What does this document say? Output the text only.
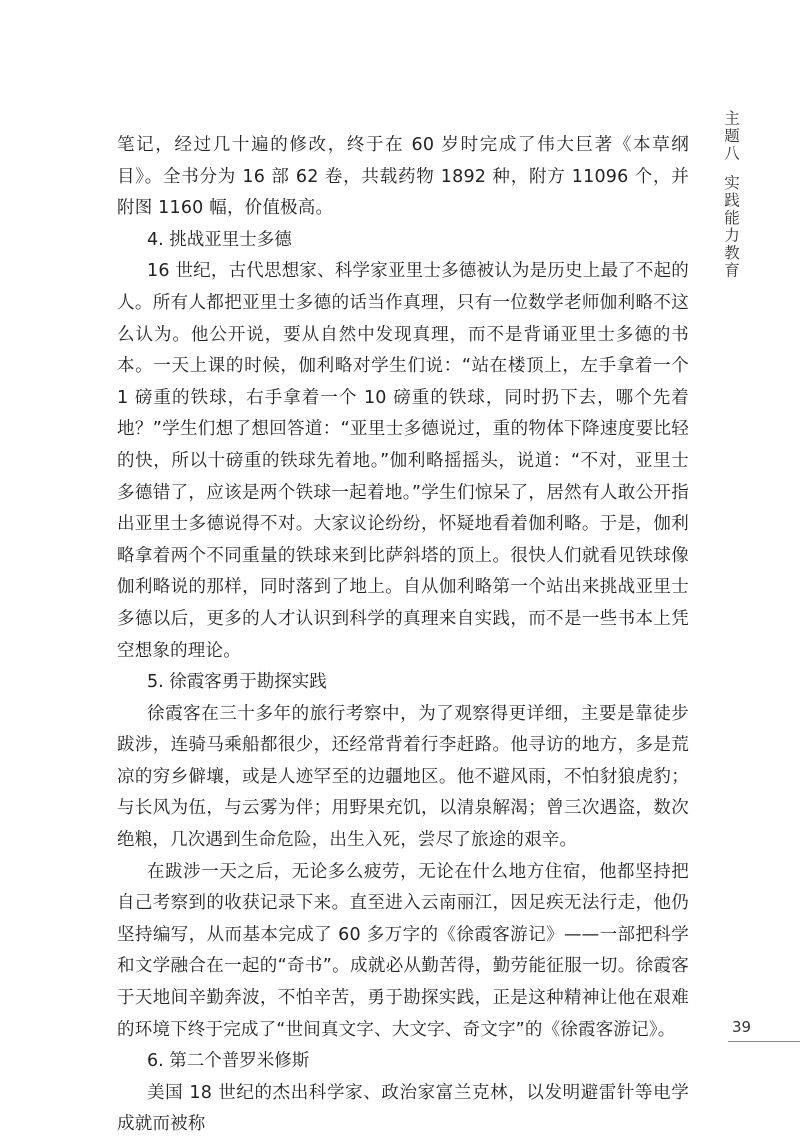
主题八实践能力教育

笔记，经过几十遍的修改，终于在 60 岁时完成了伟大巨著《本草纲目》。全书分为 16 部 62 卷，共载药物 1892 种，附方 11096 个，并附图 1160 幅，价值极高。

4. 挑战亚里士多德

16 世纪，古代思想家、科学家亚里士多德被认为是历史上最了不起的人。所有人都把亚里士多德的话当作真理，只有一位数学老师伽利略不这么认为。他公开说，要从自然中发现真理，而不是背诵亚里士多德的书本。一天上课的时候，伽利略对学生们说：“站在楼顶上，左手拿着一个 1 磅重的铁球，右手拿着一个 10 磅重的铁球，同时扔下去，哪个先着地？”学生们想了想回答道：“亚里士多德说过，重的物体下降速度要比轻的快，所以十磅重的铁球先着地。”伽利略摇摇头，说道：“不对，亚里士多德错了，应该是两个铁球一起着地。”学生们惊呆了，居然有人敢公开指出亚里士多德说得不对。大家议论纷纷，怀疑地看着伽利略。于是，伽利略拿着两个不同重量的铁球来到比萨斜塔的顶上。很快人们就看见铁球像伽利略说的那样，同时落到了地上。自从伽利略第一个站出来挑战亚里士多德以后，更多的人才认识到科学的真理来自实践，而不是一些书本上凭空想象的理论。

5. 徐霞客勇于勘探实践

徐霞客在三十多年的旅行考察中，为了观察得更详细，主要是靠徒步跋涉，连骑马乘船都很少，还经常背着行李赶路。他寻访的地方，多是荒凉的穷乡僻壤，或是人迹罕至的边疆地区。他不避风雨，不怕豺狼虎豹；与长风为伍，与云雾为伴；用野果充饥，以清泉解渴；曾三次遇盗，数次绝粮，几次遇到生命危险，出生入死，尝尽了旅途的艰辛。

在跋涉一天之后，无论多么疲劳，无论在什么地方住宿，他都坚持把自己考察到的收获记录下来。直至进入云南丽江，因足疾无法行走，他仍坚持编写，从而基本完成了 60 多万字的《徐霞客游记》——一部把科学和文学融合在一起的“奇书”。成就必从勤苦得，勤劳能征服一切。徐霞客于天地间辛勤奔波，不怕辛苦，勇于勘探实践，正是这种精神让他在艰难的环境下终于完成了“世间真文字、大文字、奇文字”的《徐霞客游记》。

6. 第二个普罗米修斯

美国 18 世纪的杰出科学家、政治家富兰克林，以发明避雷针等电学成就而被称

39
